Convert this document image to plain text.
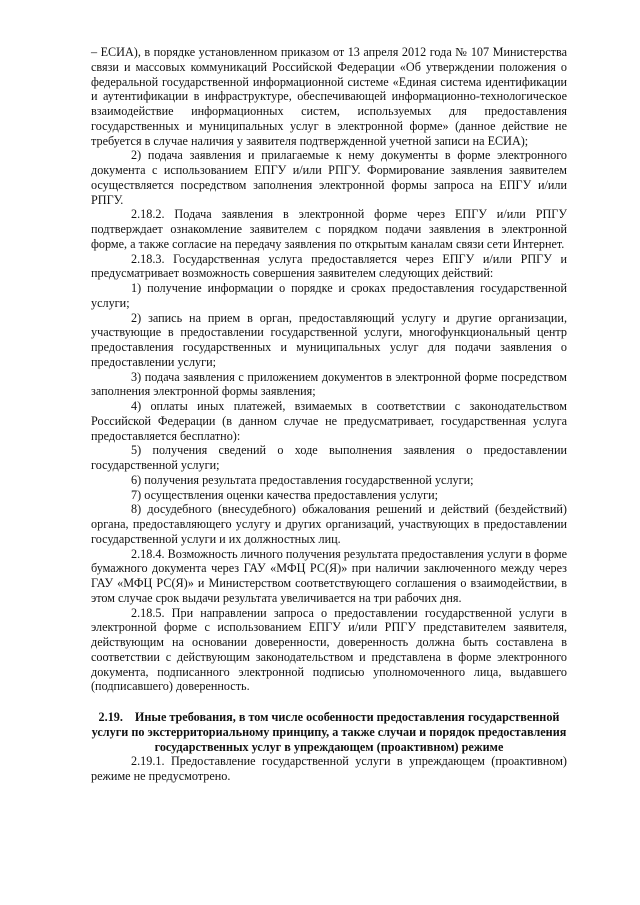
– ЕСИА), в порядке установленном приказом от 13 апреля 2012 года № 107 Министерства связи и массовых коммуникаций Российской Федерации «Об утверждении положения о федеральной государственной информационной системе «Единая система идентификации и аутентификации в инфраструктуре, обеспечивающей информационно-технологическое взаимодействие информационных систем, используемых для предоставления государственных и муниципальных услуг в электронной форме» (данное действие не требуется в случае наличия у заявителя подтвержденной учетной записи на ЕСИА);

2) подача заявления и прилагаемые к нему документы в форме электронного документа с использованием ЕПГУ и/или РПГУ. Формирование заявления заявителем осуществляется посредством заполнения электронной формы запроса на ЕПГУ и/или РПГУ.

2.18.2. Подача заявления в электронной форме через ЕПГУ и/или РПГУ подтверждает ознакомление заявителем с порядком подачи заявления в электронной форме, а также согласие на передачу заявления по открытым каналам связи сети Интернет.

2.18.3. Государственная услуга предоставляется через ЕПГУ и/или РПГУ и предусматривает возможность совершения заявителем следующих действий:

1) получение информации о порядке и сроках предоставления государственной услуги;

2) запись на прием в орган, предоставляющий услугу и другие организации, участвующие в предоставлении государственной услуги, многофункциональный центр предоставления государственных и муниципальных услуг для подачи заявления о предоставлении услуги;

3) подача заявления с приложением документов в электронной форме посредством заполнения электронной формы заявления;

4) оплаты иных платежей, взимаемых в соответствии с законодательством Российской Федерации (в данном случае не предусматривает, государственная услуга предоставляется бесплатно):

5) получения сведений о ходе выполнения заявления о предоставлении государственной услуги;

6) получения результата предоставления государственной услуги;

7) осуществления оценки качества предоставления услуги;

8) досудебного (внесудебного) обжалования решений и действий (бездействий) органа, предоставляющего услугу и других организаций, участвующих в предоставлении государственной услуги и их должностных лиц.

2.18.4. Возможность личного получения результата предоставления услуги в форме бумажного документа через ГАУ «МФЦ РС(Я)» при наличии заключенного между через ГАУ «МФЦ РС(Я)» и Министерством соответствующего соглашения о взаимодействии, в этом случае срок выдачи результата увеличивается на три рабочих дня.

2.18.5. При направлении запроса о предоставлении государственной услуги в электронной форме с использованием ЕПГУ и/или РПГУ представителем заявителя, действующим на основании доверенности, доверенность должна быть составлена в соответствии с действующим законодательством и представлена в форме электронного документа, подписанного электронной подписью уполномоченного лица, выдавшего (подписавшего) доверенность.

2.19. Иные требования, в том числе особенности предоставления государственной услуги по экстерриториальному принципу, а также случаи и порядок предоставления государственных услуг в упреждающем (проактивном) режиме

2.19.1. Предоставление государственной услуги в упреждающем (проактивном) режиме не предусмотрено.
